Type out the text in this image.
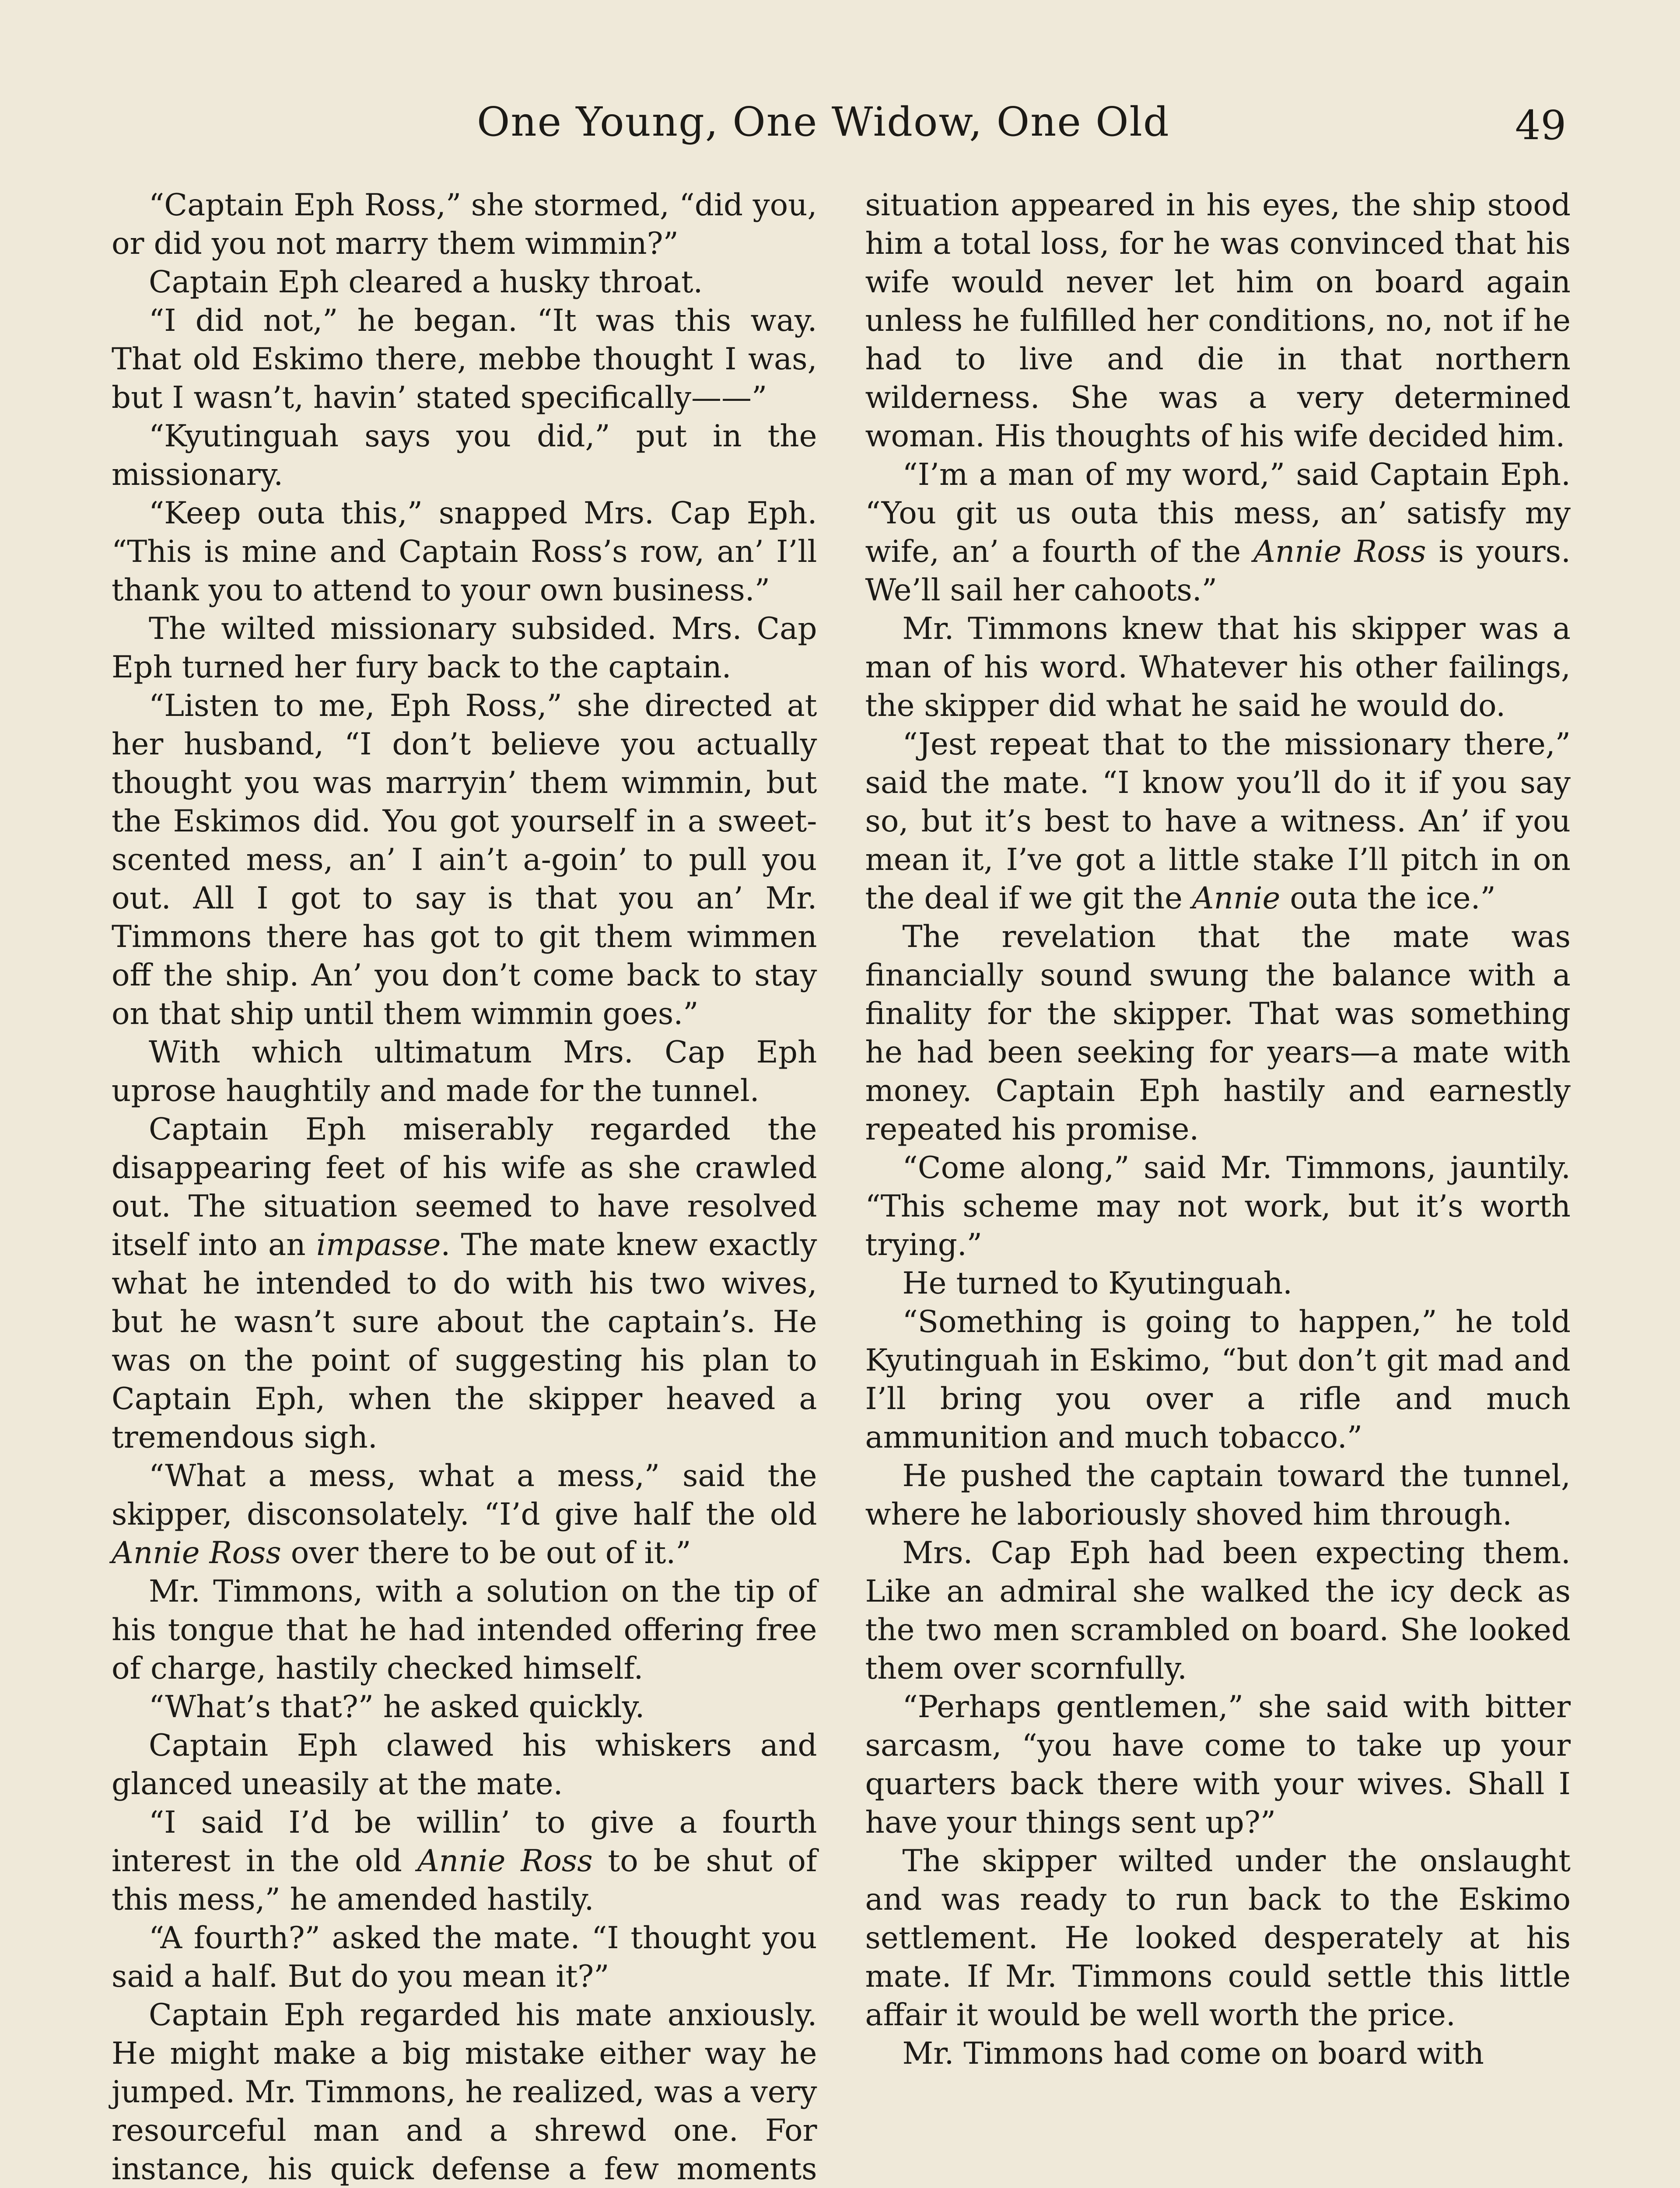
One Young, One Widow, One Old	49

“Captain Eph Ross,” she stormed, “did you, or did you not marry them wimmin?”

Captain Eph cleared a husky throat.

“I did not,” he began. “It was this way. That old Eskimo there, mebbe thought I was, but I wasn’t, havin’ stated specifically——”

“Kyutinguah says you did,” put in the missionary.

“Keep outa this,” snapped Mrs. Cap Eph. “This is mine and Captain Ross’s row, an’ I’ll thank you to attend to your own business.”

The wilted missionary subsided. Mrs. Cap Eph turned her fury back to the captain.

“Listen to me, Eph Ross,” she directed at her husband, “I don’t believe you actually thought you was marryin’ them wimmin, but the Eskimos did. You got yourself in a sweet-scented mess, an’ I ain’t a-goin’ to pull you out. All I got to say is that you an’ Mr. Timmons there has got to git them wimmen off the ship. An’ you don’t come back to stay on that ship until them wimmin goes.”

With which ultimatum Mrs. Cap Eph uprose haughtily and made for the tunnel.

Captain Eph miserably regarded the disappearing feet of his wife as she crawled out. The situation seemed to have resolved itself into an impasse. The mate knew exactly what he intended to do with his two wives, but he wasn’t sure about the captain’s. He was on the point of suggesting his plan to Captain Eph, when the skipper heaved a tremendous sigh.

“What a mess, what a mess,” said the skipper, disconsolately. “I’d give half the old Annie Ross over there to be out of it.”

Mr. Timmons, with a solution on the tip of his tongue that he had intended offering free of charge, hastily checked himself.

“What’s that?” he asked quickly.

Captain Eph clawed his whiskers and glanced uneasily at the mate.

“I said I’d be willin’ to give a fourth interest in the old Annie Ross to be shut of this mess,” he amended hastily.

“A fourth?” asked the mate. “I thought you said a half. But do you mean it?”

Captain Eph regarded his mate anxiously. He might make a big mistake either way he jumped. Mr. Timmons, he realized, was a very resourceful man and a shrewd one. For instance, his quick defense a few moments situation appeared in his eyes, the ship stood him a total loss, for he was convinced that his wife would never let him on board again unless he fulfilled her conditions, no, not if he had to live and die in that northern wilderness. She was a very determined woman. His thoughts of his wife decided him.

“I’m a man of my word,” said Captain Eph. “You git us outa this mess, an’ satisfy my wife, an’ a fourth of the Annie Ross is yours. We’ll sail her cahoots.”

Mr. Timmons knew that his skipper was a man of his word. Whatever his other failings, the skipper did what he said he would do.

“Jest repeat that to the missionary there,” said the mate. “I know you’ll do it if you say so, but it’s best to have a witness. An’ if you mean it, I’ve got a little stake I’ll pitch in on the deal if we git the Annie outa the ice.”

The revelation that the mate was financially sound swung the balance with a finality for the skipper. That was something he had been seeking for years—a mate with money. Captain Eph hastily and earnestly repeated his promise.

“Come along,” said Mr. Timmons, jauntily. “This scheme may not work, but it’s worth trying.”

He turned to Kyutinguah.

“Something is going to happen,” he told Kyutinguah in Eskimo, “but don’t git mad and I’ll bring you over a rifle and much ammunition and much tobacco.”

He pushed the captain toward the tunnel, where he laboriously shoved him through.

Mrs. Cap Eph had been expecting them. Like an admiral she walked the icy deck as the two men scrambled on board. She looked them over scornfully.

“Perhaps gentlemen,” she said with bitter sarcasm, “you have come to take up your quarters back there with your wives. Shall I have your things sent up?”

The skipper wilted under the onslaught and was ready to run back to the Eskimo settlement. He looked desperately at his mate. If Mr. Timmons could settle this little affair it would be well worth the price.

Mr. Timmons had come on board with
